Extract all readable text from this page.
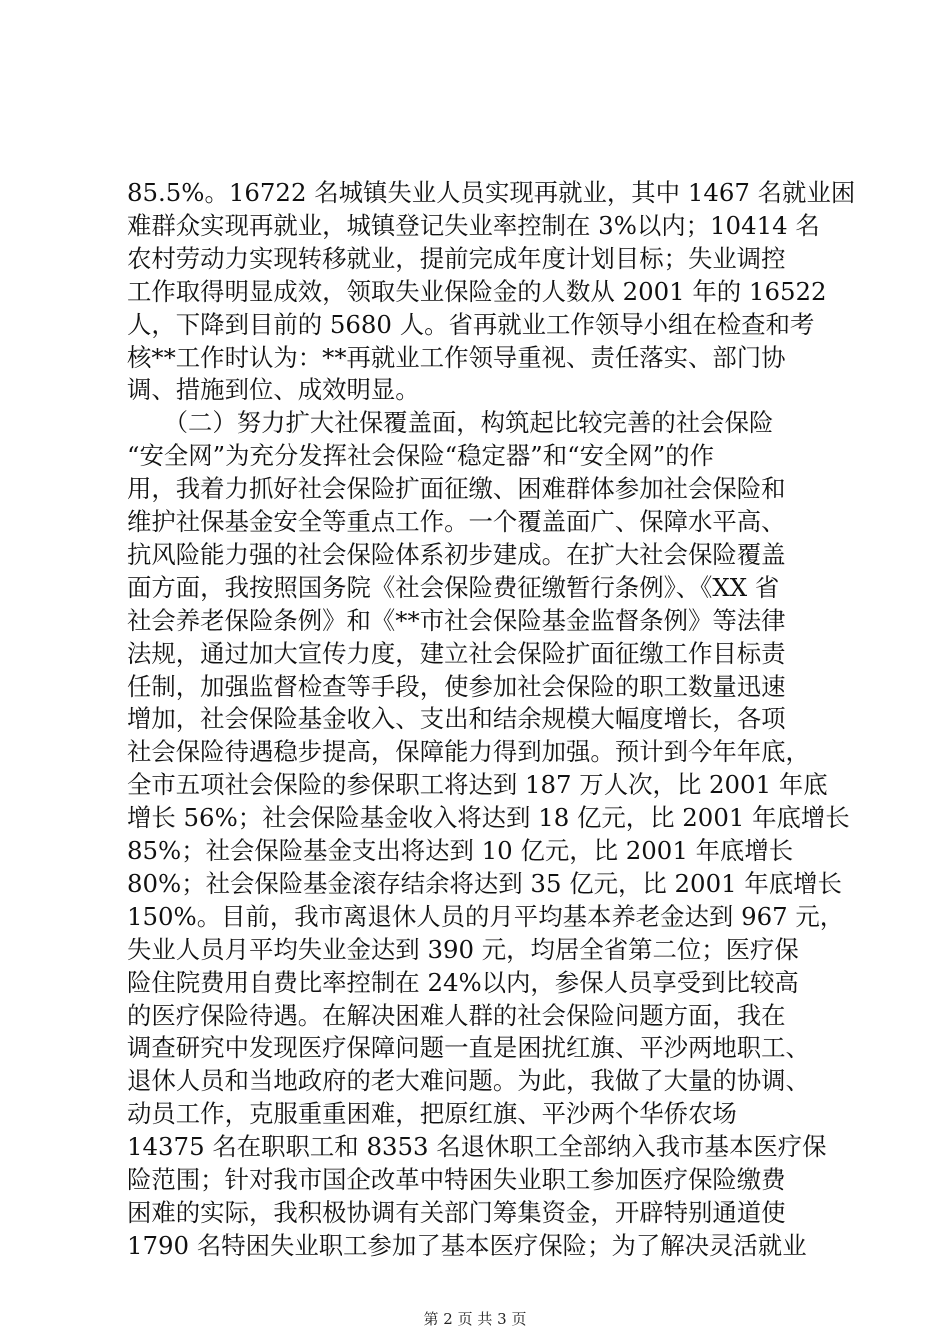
85.5%。16722 名城镇失业人员实现再就业，其中 1467 名就业困
难群众实现再就业，城镇登记失业率控制在 3%以内；10414 名
农村劳动力实现转移就业，提前完成年度计划目标；失业调控
工作取得明显成效，领取失业保险金的人数从 2001 年的 16522
人，下降到目前的 5680 人。省再就业工作领导小组在检查和考
核**工作时认为：**再就业工作领导重视、责任落实、部门协
调、措施到位、成效明显。
　　（二）努力扩大社保覆盖面，构筑起比较完善的社会保险
“安全网”为充分发挥社会保险“稳定器”和“安全网”的作
用，我着力抓好社会保险扩面征缴、困难群体参加社会保险和
维护社保基金安全等重点工作。一个覆盖面广、保障水平高、
抗风险能力强的社会保险体系初步建成。在扩大社会保险覆盖
面方面，我按照国务院《社会保险费征缴暂行条例》、《XX 省
社会养老保险条例》和《**市社会保险基金监督条例》等法律
法规，通过加大宣传力度，建立社会保险扩面征缴工作目标责
任制，加强监督检查等手段，使参加社会保险的职工数量迅速
增加，社会保险基金收入、支出和结余规模大幅度增长，各项
社会保险待遇稳步提高，保障能力得到加强。预计到今年年底，
全市五项社会保险的参保职工将达到 187 万人次，比 2001 年底
增长 56%；社会保险基金收入将达到 18 亿元，比 2001 年底增长
85%；社会保险基金支出将达到 10 亿元，比 2001 年底增长
80%；社会保险基金滚存结余将达到 35 亿元，比 2001 年底增长
150%。目前，我市离退休人员的月平均基本养老金达到 967 元，
失业人员月平均失业金达到 390 元，均居全省第二位；医疗保
险住院费用自费比率控制在 24%以内，参保人员享受到比较高
的医疗保险待遇。在解决困难人群的社会保险问题方面，我在
调查研究中发现医疗保障问题一直是困扰红旗、平沙两地职工、
退休人员和当地政府的老大难问题。为此，我做了大量的协调、
动员工作，克服重重困难，把原红旗、平沙两个华侨农场
14375 名在职职工和 8353 名退休职工全部纳入我市基本医疗保
险范围；针对我市国企改革中特困失业职工参加医疗保险缴费
困难的实际，我积极协调有关部门筹集资金，开辟特别通道使
1790 名特困失业职工参加了基本医疗保险；为了解决灵活就业
第 2 页 共 3 页
